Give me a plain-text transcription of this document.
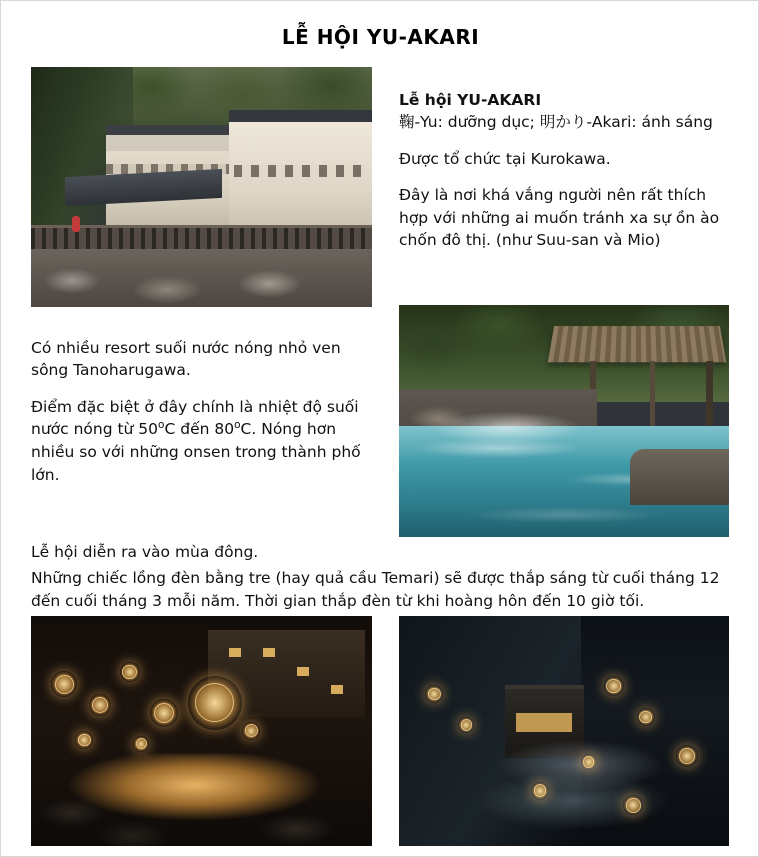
LỄ HỘI YU-AKARI

Lễ hội YU-AKARI

鞠-Yu: dưỡng dục; 明かり-Akari: ánh sáng

Được tổ chức tại Kurokawa.

Đây là nơi khá vắng người nên rất thích hợp với những ai muốn tránh xa sự ồn ào chốn đô thị. (như Suu-san và Mio)

Có nhiều resort suối nước nóng nhỏ ven sông Tanoharugawa.

Điểm đặc biệt ở đây chính là nhiệt độ suối nước nóng từ 50$^o$C đến 80$^o$C. Nóng hơn nhiều so với những onsen trong thành phố lớn.

Lễ hội diễn ra vào mùa đông.

Những chiếc lồng đèn bằng tre (hay quả cầu Temari) sẽ được thắp sáng từ cuối tháng 12 đến cuối tháng 3 mỗi năm. Thời gian thắp đèn từ khi hoàng hôn đến 10 giờ tối.
